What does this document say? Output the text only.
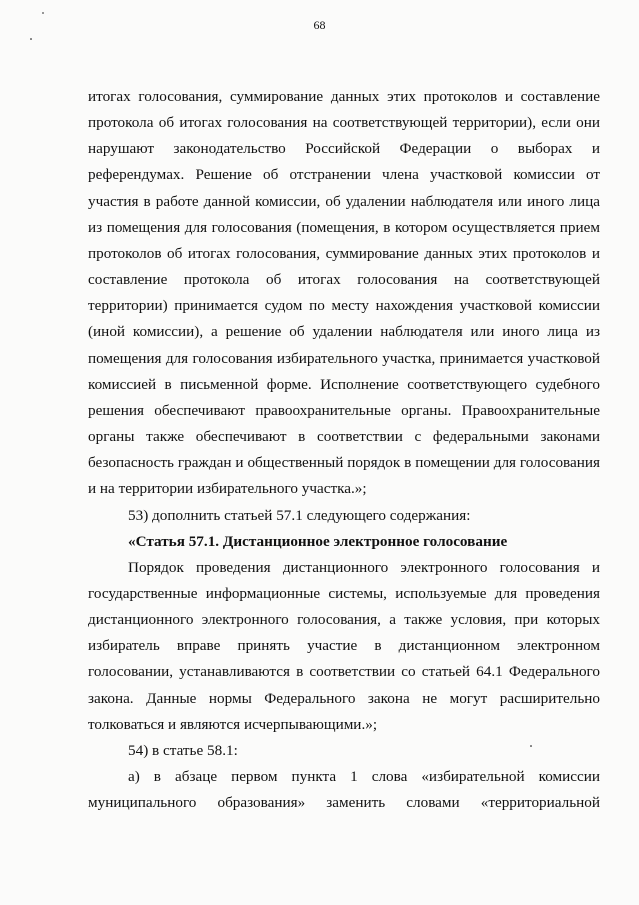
68

итогах голосования, суммирование данных этих протоколов и составление протокола об итогах голосования на соответствующей территории), если они нарушают законодательство Российской Федерации о выборах и референдумах. Решение об отстранении члена участковой комиссии от участия в работе данной комиссии, об удалении наблюдателя или иного лица из помещения для голосования (помещения, в котором осуществляется прием протоколов об итогах голосования, суммирование данных этих протоколов и составление протокола об итогах голосования на соответствующей территории) принимается судом по месту нахождения участковой комиссии (иной комиссии), а решение об удалении наблюдателя или иного лица из помещения для голосования избирательного участка, принимается участковой комиссией в письменной форме. Исполнение соответствующего судебного решения обеспечивают правоохранительные органы. Правоохранительные органы также обеспечивают в соответствии с федеральными законами безопасность граждан и общественный порядок в помещении для голосования

и на территории избирательного участка.»;

53) дополнить статьей 57.1 следующего содержания:

«Статья 57.1. Дистанционное электронное голосование

Порядок проведения дистанционного электронного голосования и государственные информационные системы, используемые для проведения дистанционного электронного голосования, а также условия, при которых избиратель вправе принять участие в дистанционном электронном голосовании, устанавливаются в соответствии со статьей 64.1 Федерального закона. Данные нормы Федерального закона не могут расширительно

толковаться и являются исчерпывающими.»;

54) в статье 58.1:

а) в абзаце первом пункта 1 слова «избирательной комиссии муниципального образования» заменить словами «территориальной
